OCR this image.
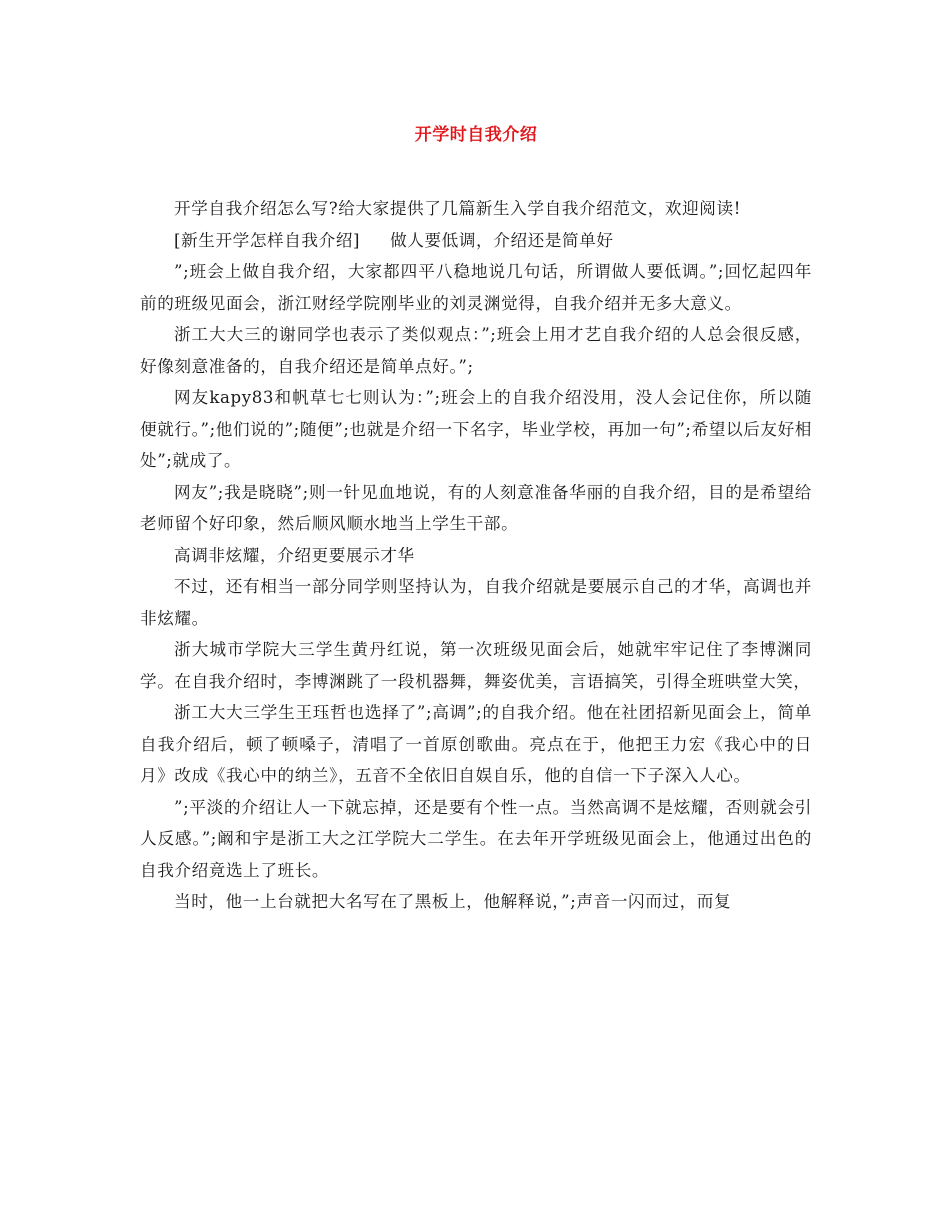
开学时自我介绍

开学自我介绍怎么写?给大家提供了几篇新生入学自我介绍范文，欢迎阅读!

[新生开学怎样自我介绍] 做人要低调，介绍还是简单好

”;班会上做自我介绍，大家都四平八稳地说几句话，所谓做人要低调。”;回忆起四年前的班级见面会，浙江财经学院刚毕业的刘灵渊觉得，自我介绍并无多大意义。

浙工大大三的谢同学也表示了类似观点：”;班会上用才艺自我介绍的人总会很反感，好像刻意准备的，自我介绍还是简单点好。”;

网友kapy83和帆草七七则认为：”;班会上的自我介绍没用，没人会记住你，所以随便就行。”;他们说的”;随便”;也就是介绍一下名字，毕业学校，再加一句”;希望以后友好相处”;就成了。

网友”;我是晓晓”;则一针见血地说，有的人刻意准备华丽的自我介绍，目的是希望给老师留个好印象，然后顺风顺水地当上学生干部。

高调非炫耀，介绍更要展示才华

不过，还有相当一部分同学则坚持认为，自我介绍就是要展示自己的才华，高调也并非炫耀。

浙大城市学院大三学生黄丹红说，第一次班级见面会后，她就牢牢记住了李博渊同学。在自我介绍时，李博渊跳了一段机器舞，舞姿优美，言语搞笑，引得全班哄堂大笑，

浙工大大三学生王珏哲也选择了”;高调”;的自我介绍。他在社团招新见面会上，简单自我介绍后，顿了顿嗓子，清唱了一首原创歌曲。亮点在于，他把王力宏《我心中的日月》改成《我心中的纳兰》，五音不全依旧自娱自乐，他的自信一下子深入人心。

”;平淡的介绍让人一下就忘掉，还是要有个性一点。当然高调不是炫耀，否则就会引人反感。”;阚和宇是浙工大之江学院大二学生。在去年开学班级见面会上，他通过出色的自我介绍竟选上了班长。

当时，他一上台就把大名写在了黑板上，他解释说，”;声音一闪而过，而复
